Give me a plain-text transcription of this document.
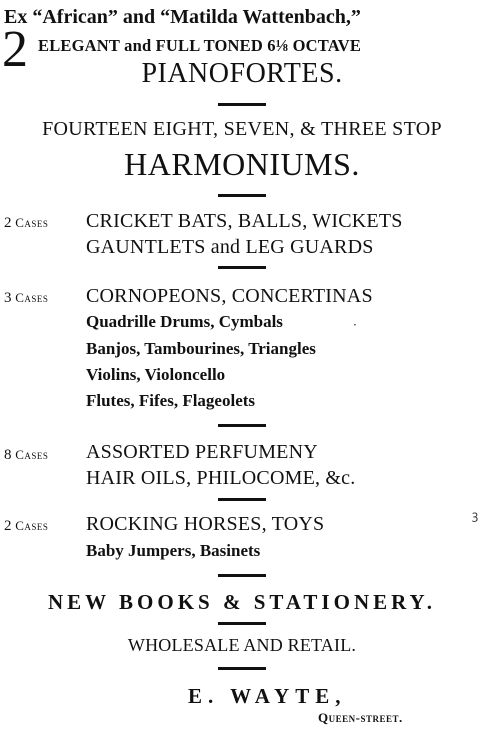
Ex “African” and “Matilda Wattenbach,”
2 ELEGANT and FULL TONED 6⅛ OCTAVE
PIANOFORTES.
FOURTEEN EIGHT, SEVEN, & THREE STOP
HARMONIUMS.
2 Cases CRICKET BATS, BALLS, WICKETS
GAUNTLETS and LEG GUARDS
3 Cases CORNOPEONS, CONCERTINAS
Quadrille Drums, Cymbals	·
Banjos, Tambourines, Triangles
Violins, Violoncello
Flutes, Fifes, Flageolets
8 Cases ASSORTED PERFUMENY
HAIR OILS, PHILOCOME, &c.
2 Cases ROCKING HORSES, TOYS	ꝫ
Baby Jumpers, Basinets
NEW BOOKS & STATIONERY.
WHOLESALE AND RETAIL.
E. WAYTE,
Queen-street.
